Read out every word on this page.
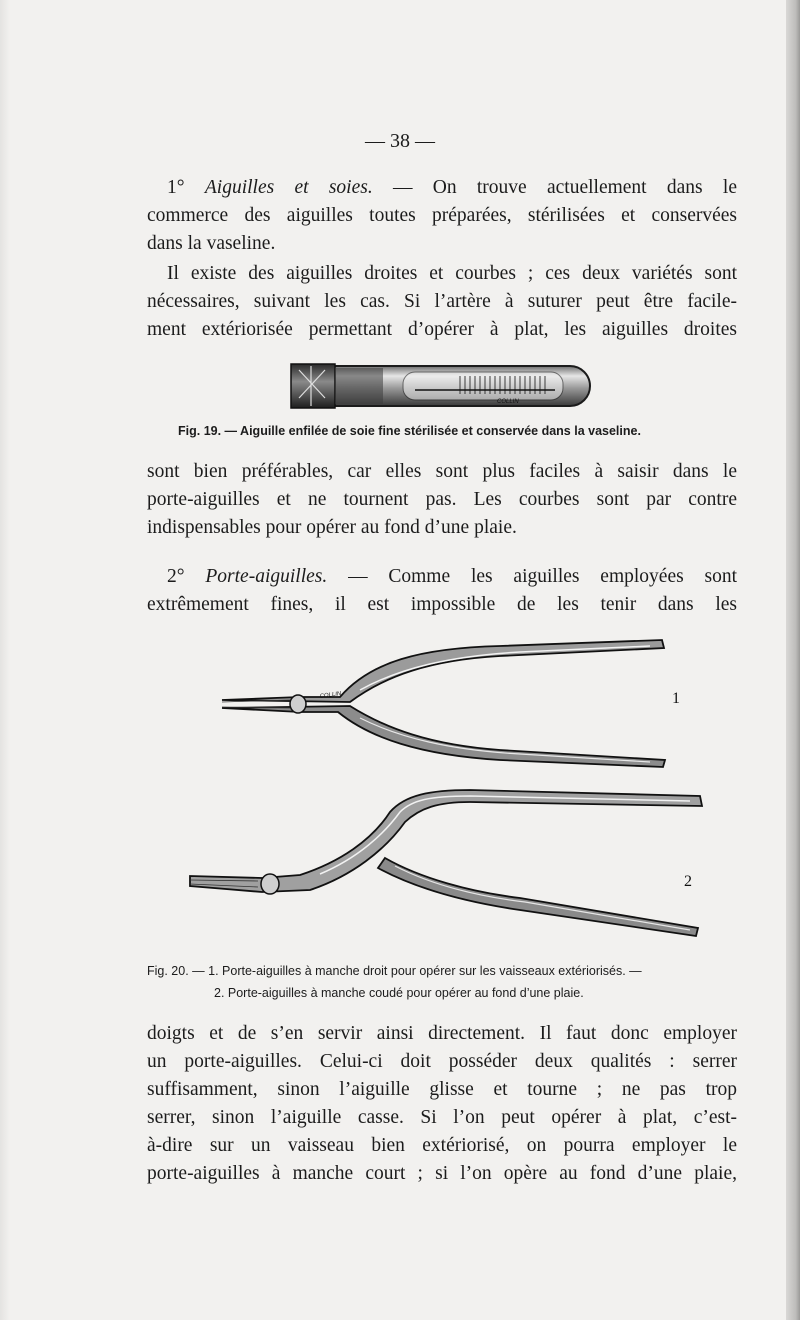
— 38 —
1° Aiguilles et soies. — On trouve actuellement dans le
commerce des aiguilles toutes préparées, stérilisées et conservées
dans la vaseline.
Il existe des aiguilles droites et courbes ; ces deux variétés sont
nécessaires, suivant les cas. Si l’artère à suturer peut être facile-
ment extériorisée permettant d’opérer à plat, les aiguilles droites
COLLIN
Fig. 19. — Aiguille enfilée de soie fine stérilisée et conservée dans la vaseline.
sont bien préférables, car elles sont plus faciles à saisir dans le
porte-aiguilles et ne tournent pas. Les courbes sont par contre
indispensables pour opérer au fond d’une plaie.
2° Porte-aiguilles. — Comme les aiguilles employées sont
extrêmement fines, il est impossible de les tenir dans les
COLLIN	1
2
Fig. 20. — 1. Porte-aiguilles à manche droit pour opérer sur les vaisseaux extériorisés. —
2. Porte-aiguilles à manche coudé pour opérer au fond d’une plaie.
doigts et de s’en servir ainsi directement. Il faut donc employer
un porte-aiguilles. Celui-ci doit posséder deux qualités : serrer
suffisamment, sinon l’aiguille glisse et tourne ; ne pas trop
serrer, sinon l’aiguille casse. Si l’on peut opérer à plat, c’est-
à-dire sur un vaisseau bien extériorisé, on pourra employer le
porte-aiguilles à manche court ; si l’on opère au fond d’une plaie,
